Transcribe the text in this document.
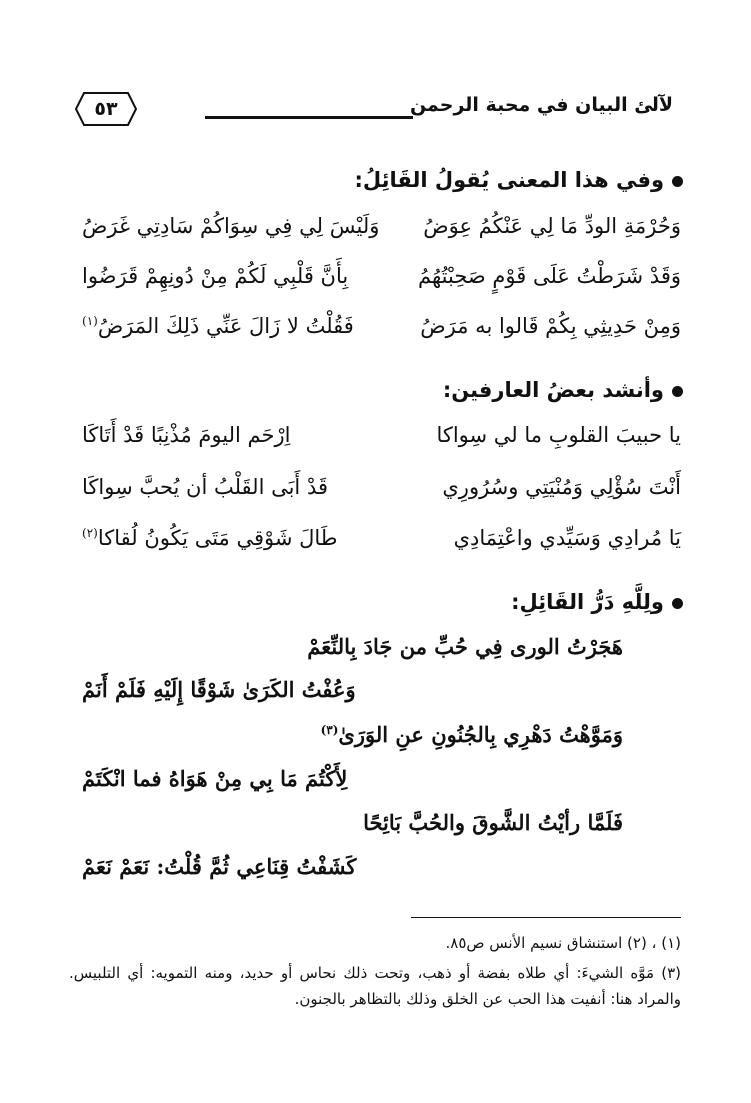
لآلئ البيان في محبة الرحمن
٥٣
وفي هذا المعنى يُقولُ القَائِلُ:
وَحُرْمَةِ الودِّ مَا لِي عَنْكُمُ عِوَضُ
وَلَيْسَ لِي فِي سِوَاكُمْ سَادِتِي غَرَضُ
وَقَدْ شَرَطْتُ عَلَى قَوْمٍ صَحِبْتُهُمُ
بِأَنَّ قَلْبِي لَكُمْ مِنْ دُونِهِمْ قَرَضُوا
وَمِنْ حَدِيثِي بِكُمْ قَالوا به مَرَضُ
فَقُلْتُ لا زَالَ عَنِّي ذَلِكَ المَرَضُ$^{(١)}$
وأنشد بعضُ العارفين:
يا حبيبَ القلوبِ ما لي سِواكا
اِرْحَم اليومَ مُذْنِبًا قَدْ أَتَاكَا
أَنْتَ سُؤْلِي وَمُنْيَتِي وسُرُورِي
قَدْ أَبَى القَلْبُ أن يُحبَّ سِواكَا
يَا مُرادِي وَسَيِّدي واعْتِمَادِي
طَالَ شَوْقِي مَتَى يَكُونُ لُقاكا$^{(٢)}$
ولِلَّهِ دَرُّ القَائِلِ:
هَجَرْتُ الورى فِي حُبِّ من جَادَ بِالنِّعَمْ
وَعُفْتُ الكَرَىٰ شَوْقًا إِلَيْهِ فَلَمْ أَنَمْ
وَمَوَّهْتُ دَهْرِي بِالجُنُونِ عنِ الوَرَىٰ$^{(٣)}$
لِأَكْتُمَ مَا بِي مِنْ هَوَاهُ فما انْكَتَمْ
فَلَمَّا رأيْتُ الشَّوقَ والحُبَّ بَائِحًا
كَشَفْتُ قِنَاعِي ثُمَّ قُلْتُ: نَعَمْ نَعَمْ
(١) ، (٢) استنشاق نسيم الأنس ص٨٥.
(٣) مَوَّه الشيءَ: أي طلاه بفضة أو ذهب، وتحت ذلك نحاس أو حديد، ومنه التمويه: أي التلبيس. والمراد هنا: أنفيت هذا الحب عن الخلق وذلك بالتظاهر بالجنون.
